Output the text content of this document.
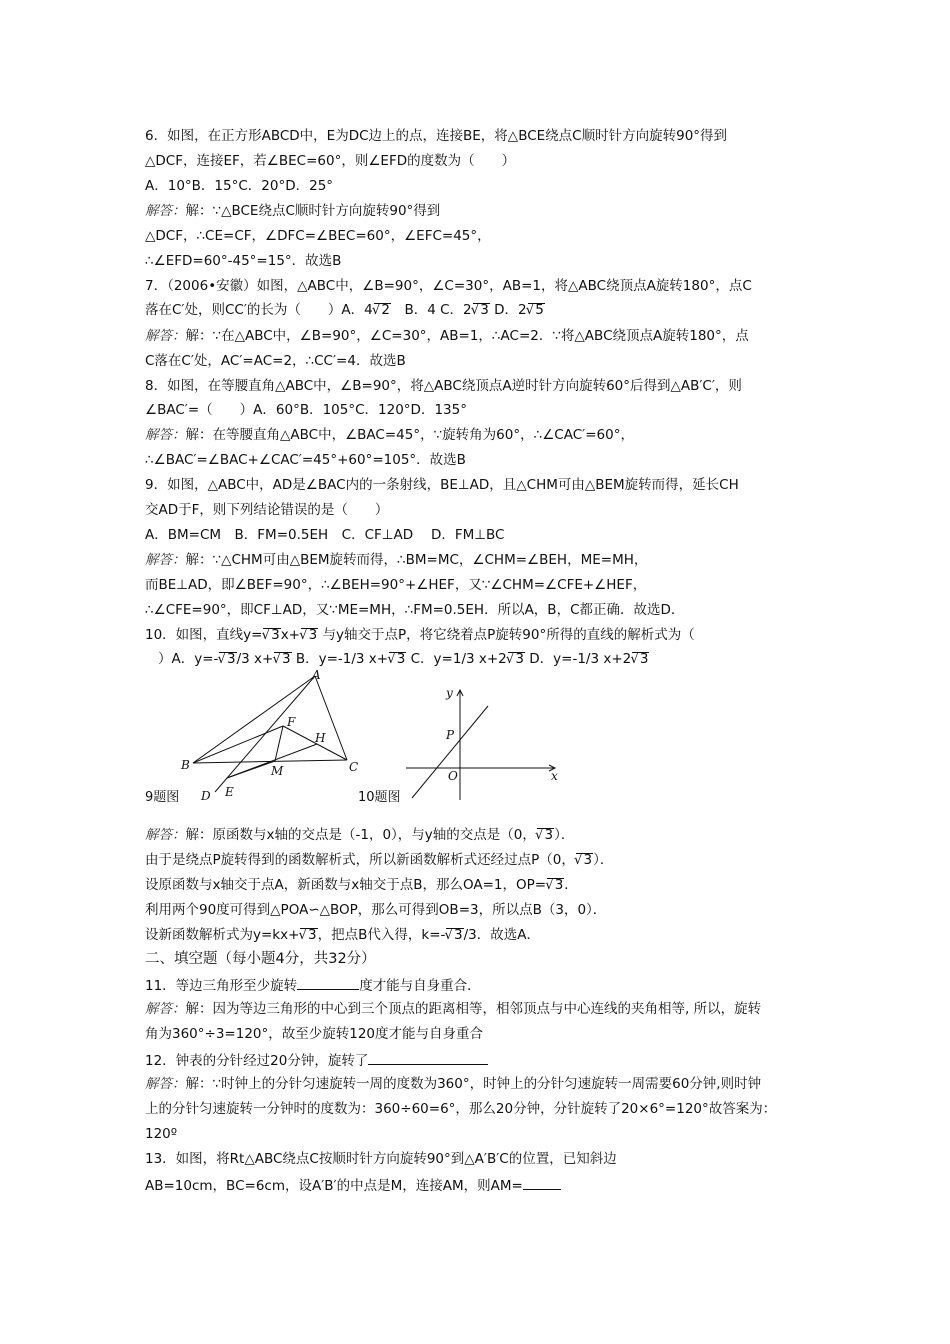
6．如图，在正方形ABCD中，E为DC边上的点，连接BE，将△BCE绕点C顺时针方向旋转90°得到
△DCF，连接EF，若∠BEC=60°，则∠EFD的度数为（　　）
A．10°B．15°C．20°D．25°
解答：解：∵△BCE绕点C顺时针方向旋转90°得到
△DCF，∴CE=CF，∠DFC=∠BEC=60°，∠EFC=45°，
∴∠EFD=60°-45°=15°．故选B
7．（2006•安徽）如图，△ABC中，∠B=90°，∠C=30°，AB=1，将△ABC绕顶点A旋转180°，点C
落在C′处，则CC′的长为（　　）A．4 √ 2　 B．4 C．2 √ 3 D．2 √ 5
解答：解：∵在△ABC中，∠B=90°，∠C=30°，AB=1，∴AC=2．∵将△ABC绕顶点A旋转180°，点
C落在C′处，AC′=AC=2，∴CC′=4．故选B
8．如图，在等腰直角△ABC中，∠B=90°，将△ABC绕顶点A逆时针方向旋转60°后得到△AB′C′，则
∠BAC′=（　　）A．60°B．105°C．120°D．135°
解答：解：在等腰直角△ABC中，∠BAC=45°，∵旋转角为60°，∴∠CAC′=60°，
∴∠BAC′=∠BAC+∠CAC′=45°+60°=105°．故选B
9．如图，△ABC中，AD是∠BAC内的一条射线，BE⊥AD，且△CHM可由△BEM旋转而得，延长CH
交AD于F，则下列结论错误的是（　　）
A．BM=CM　B．FM=0.5EH　C．CF⊥AD　 D．FM⊥BC
解答：解：∵△CHM可由△BEM旋转而得，∴BM=MC，∠CHM=∠BEH，ME=MH，
而BE⊥AD，即∠BEF=90°，∴∠BEH=90°+∠HEF，又∵∠CHM=∠CFE+∠HEF，
∴∠CFE=90°，即CF⊥AD，又∵ME=MH，∴FM=0.5EH．所以A，B，C都正确．故选D．
10．如图，直线y= √ 3x+ √ 3 与y轴交于点P，将它绕着点P旋转90°所得的直线的解析式为（
）A．y=- √ 3/3 x+ √ 3 B．y=-1/3 x+ √ 3 C．y=1/3 x+2 √ 3 D．y=-1/3 x+2 √ 3
A
B	C
D E
F
H
M
9题图
x
y
O
P
10题图
解答：解：原函数与x轴的交点是（-1，0），与y轴的交点是（0， √ 3）．
由于是绕点P旋转得到的函数解析式，所以新函数解析式还经过点P（0， √ 3）．
设原函数与x轴交于点A，新函数与x轴交于点B，那么OA=1，OP= √ 3．
利用两个90度可得到△POA∽△BOP，那么可得到OB=3，所以点B（3，0）．
设新函数解析式为y=kx+ √ 3，把点B代入得，k=- √ 3/3．故选A．
二、填空题（每小题4分，共32分）
11．等边三角形至少旋转	度才能与自身重合．
解答：解：因为等边三角形的中心到三个顶点的距离相等，相邻顶点与中心连线的夹角相等, 所以，旋转
角为360°÷3=120°，故至少旋转120度才能与自身重合
12．钟表的分针经过20分钟，旋转了
解答：解：∵时钟上的分针匀速旋转一周的度数为360°，时钟上的分针匀速旋转一周需要60分钟,则时钟
上的分针匀速旋转一分钟时的度数为：360÷60=6°，那么20分钟，分针旋转了20×6°=120°故答案为：
120º
13．如图，将Rt△ABC绕点C按顺时针方向旋转90°到△A′B′C的位置，已知斜边
AB=10cm，BC=6cm，设A′B′的中点是M，连接AM，则AM=
